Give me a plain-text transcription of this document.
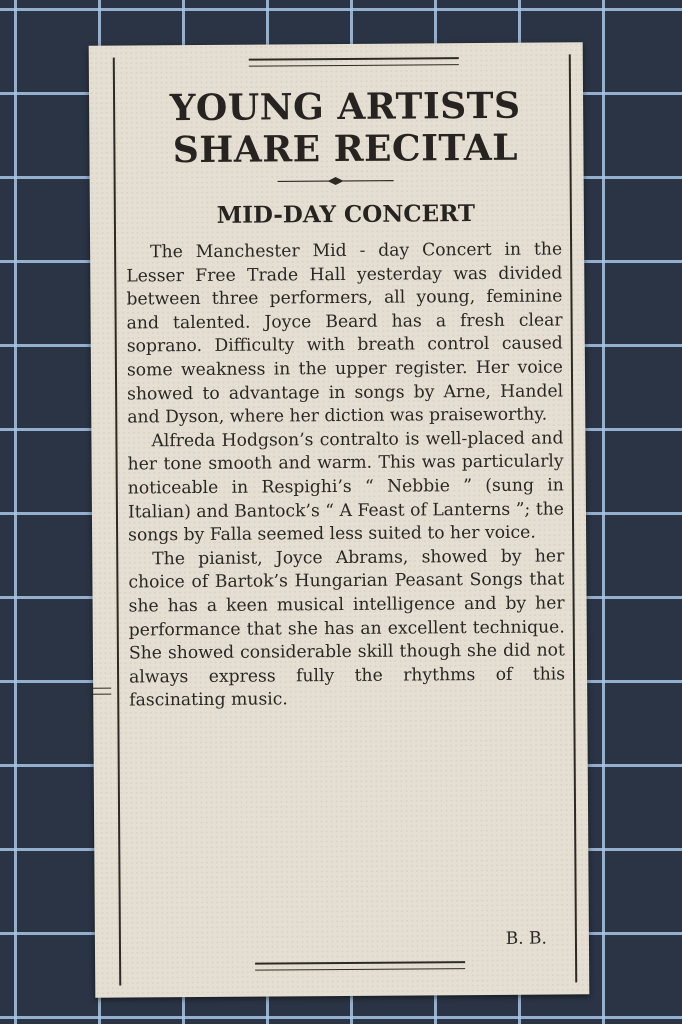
YOUNG ARTISTS SHARE RECITAL
MID-DAY CONCERT

The Manchester Mid - day Concert in the Lesser Free Trade Hall yesterday was divided between three performers, all young, feminine and talented. Joyce Beard has a fresh clear soprano. Difficulty with breath control caused some weakness in the upper register. Her voice showed to advantage in songs by Arne, Handel and Dyson, where her diction was praiseworthy.

Alfreda Hodgson’s contralto is well-placed and her tone smooth and warm. This was particularly noticeable in Respighi’s “ Nebbie ” (sung in Italian) and Bantock’s “ A Feast of Lanterns ”; the songs by Falla seemed less suited to her voice.

The pianist, Joyce Abrams, showed by her choice of Bartok’s Hungarian Peasant Songs that she has a keen musical intelligence and by her performance that she has an excellent technique. She showed considerable skill though she did not always express fully the rhythms of this fascinating music.

B. B.
